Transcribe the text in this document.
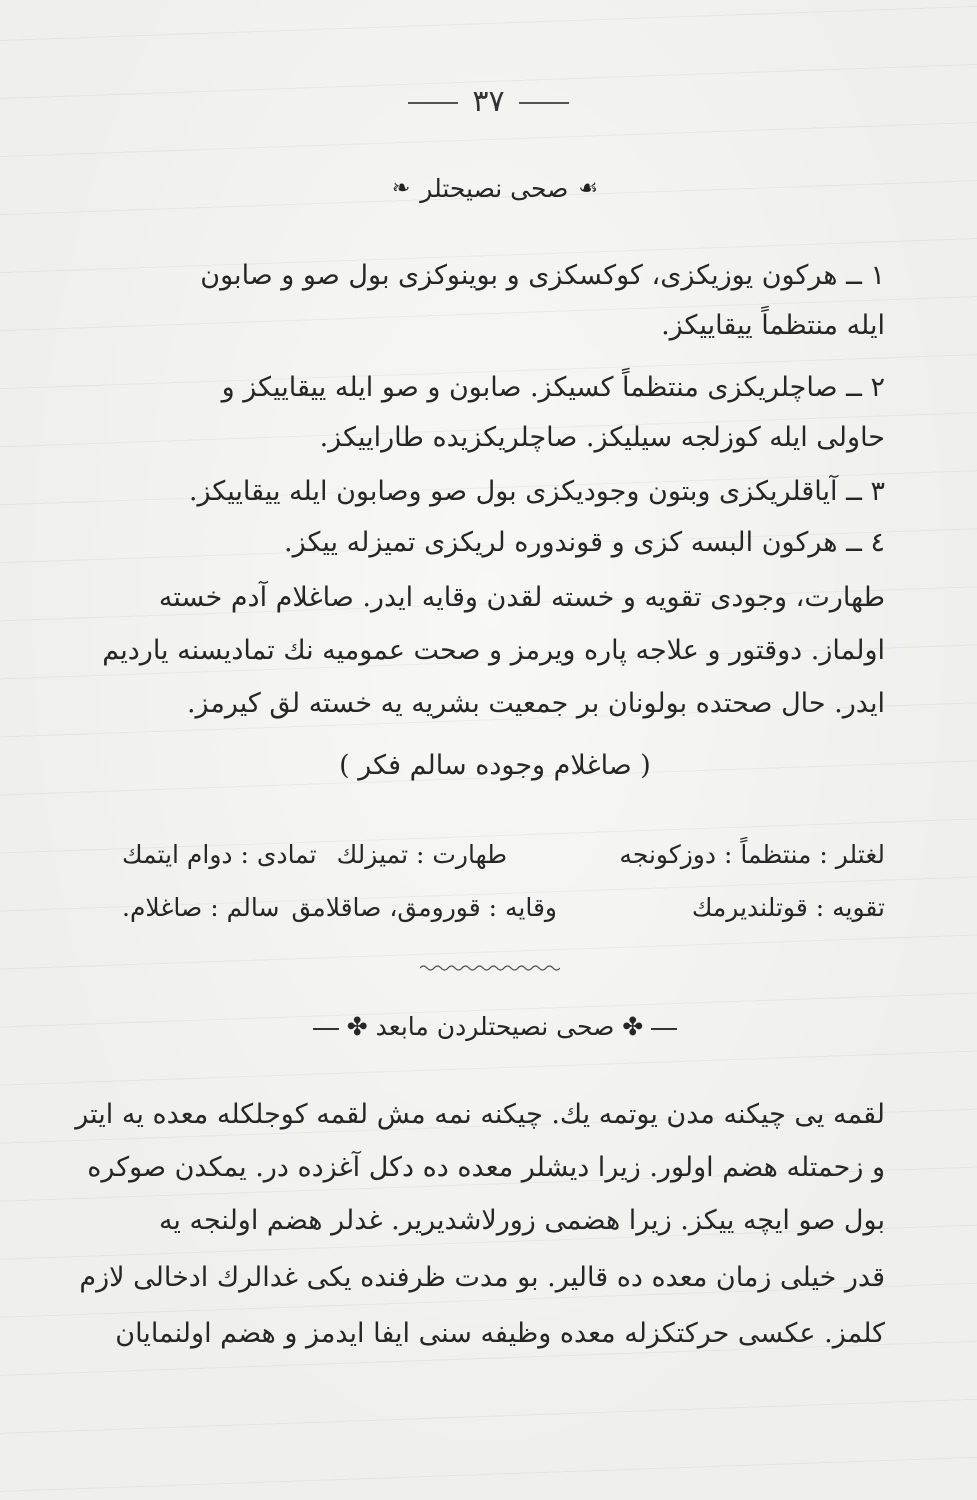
٣٧
❧ صحی نصیحتلر ☙
١ ــ هرکون یوزیکزی، کوکسکزی و بوینوکزی بول صو و صابون
ایله منتظماً ییقاییکز.
٢ ــ صاچلریکزی منتظماً کسیکز. صابون و صو ایله ییقاییکز و
حاولی ایله کوزلجه سیلیکز. صاچلریکزیده طاراییکز.
٣ ــ آیاقلریکزی وبتون وجودیکزی بول صو وصابون ایله ییقاییکز.
٤ ــ هرکون البسه کزی و قوندوره لریکزی تمیزله ییکز.
طهارت، وجودی تقویه و خسته لقدن وقایه ایدر. صاغلام آدم خسته
اولماز. دوقتور و علاجه پاره ویرمز و صحت عمومیه نك تمادیسنه یاردیم
ایدر. حال صحتده بولونان بر جمعیت بشریه یه خسته لق کیرمز.
( صاغلام وجوده سالم فکر )
لغتلر : منتظماً : دوزکونجه
طهارت : تمیزلك
تمادی : دوام ایتمك
تقویه : قوتلندیرمك
وقایه : قورومق، صاقلامق
سالم : صاغلام.
✤ صحی نصیحتلردن مابعد ✤
لقمه یی چیکنه مدن یوتمه یك. چیکنه نمه مش لقمه کوجلکله معده یه ایتر
و زحمتله هضم اولور. زیرا دیشلر معده ده دکل آغزده در. یمکدن صوکره
بول صو ایچه ییکز. زیرا هضمی زورلاشدیریر. غدلر هضم اولنجه یه
قدر خیلی زمان معده ده قالیر. بو مدت ظرفنده یکی غدالرك ادخالی لازم
کلمز. عکسی حرکتکزله معده وظیفه سنی ایفا ایدمز و هضم اولنمایان
